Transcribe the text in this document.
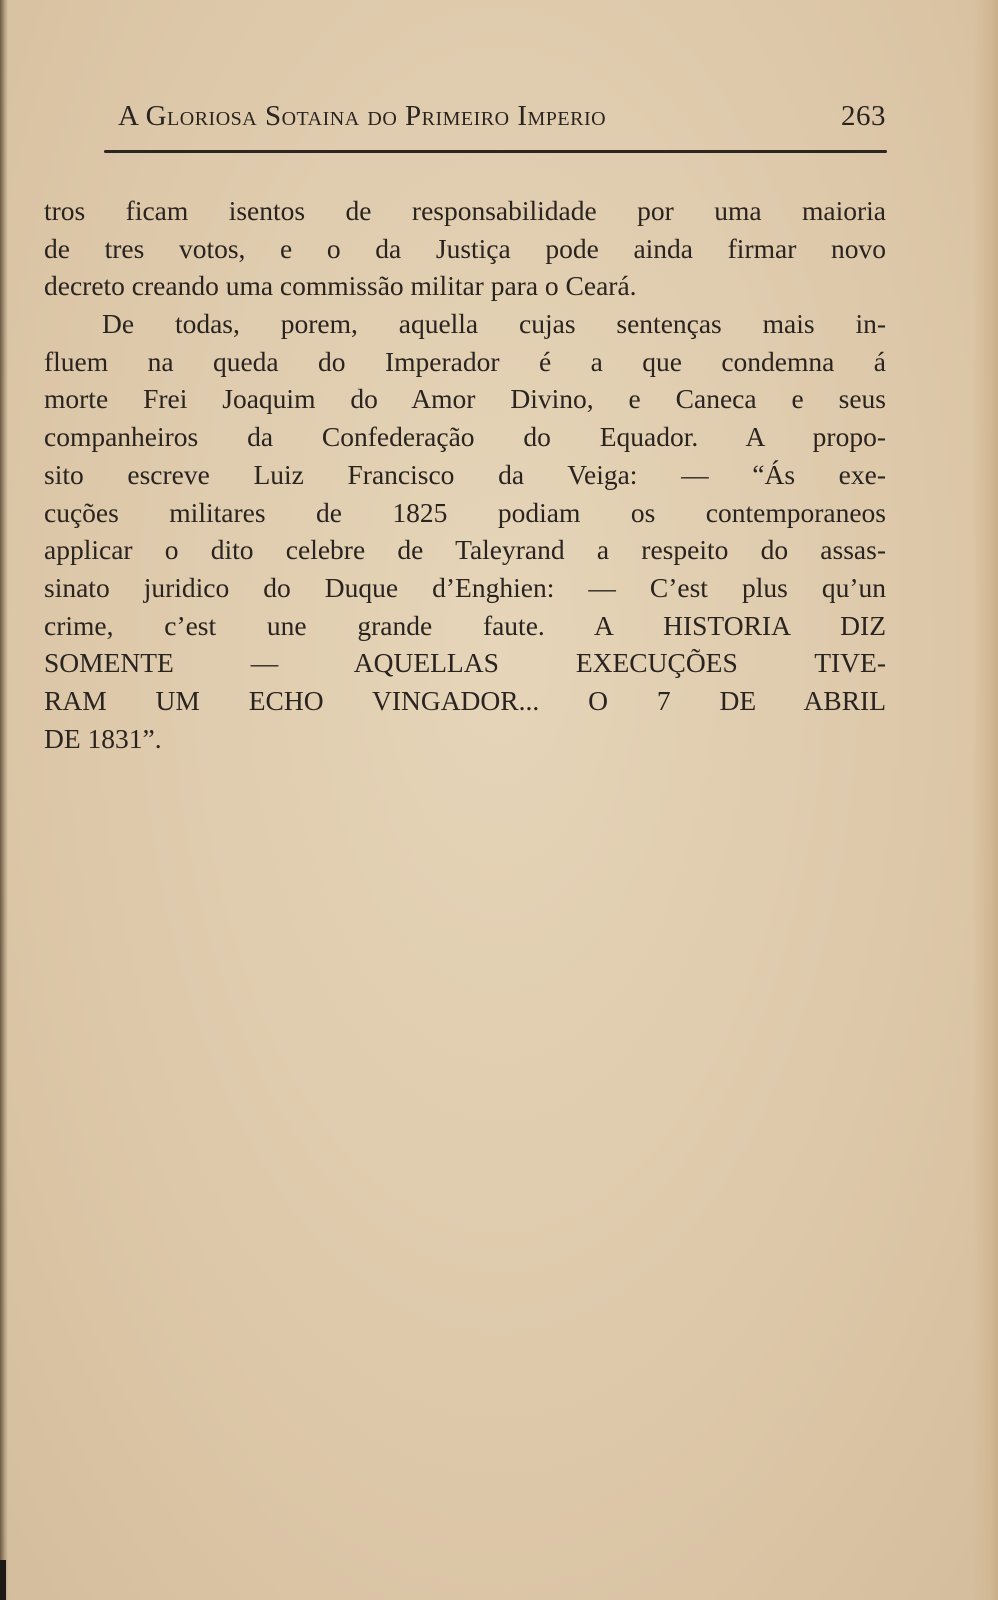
A Gloriosa Sotaina do Primeiro Imperio	263

tros ficam isentos de responsabilidade por uma maioria
de tres votos, e o da Justiça pode ainda firmar novo
decreto creando uma commissão militar para o Ceará.

De todas, porem, aquella cujas sentenças mais in-
fluem na queda do Imperador é a que condemna á
morte Frei Joaquim do Amor Divino, e Caneca e seus
companheiros da Confederação do Equador. A propo-
sito escreve Luiz Francisco da Veiga: — “Ás exe-
cuções militares de 1825 podiam os contemporaneos
applicar o dito celebre de Taleyrand a respeito do assas-
sinato juridico do Duque d’Enghien: — C’est plus qu’un
crime, c’est une grande faute. A HISTORIA DIZ
SOMENTE — AQUELLAS EXECUÇÕES TIVE-
RAM UM ECHO VINGADOR... O 7 DE ABRIL
DE 1831”.
